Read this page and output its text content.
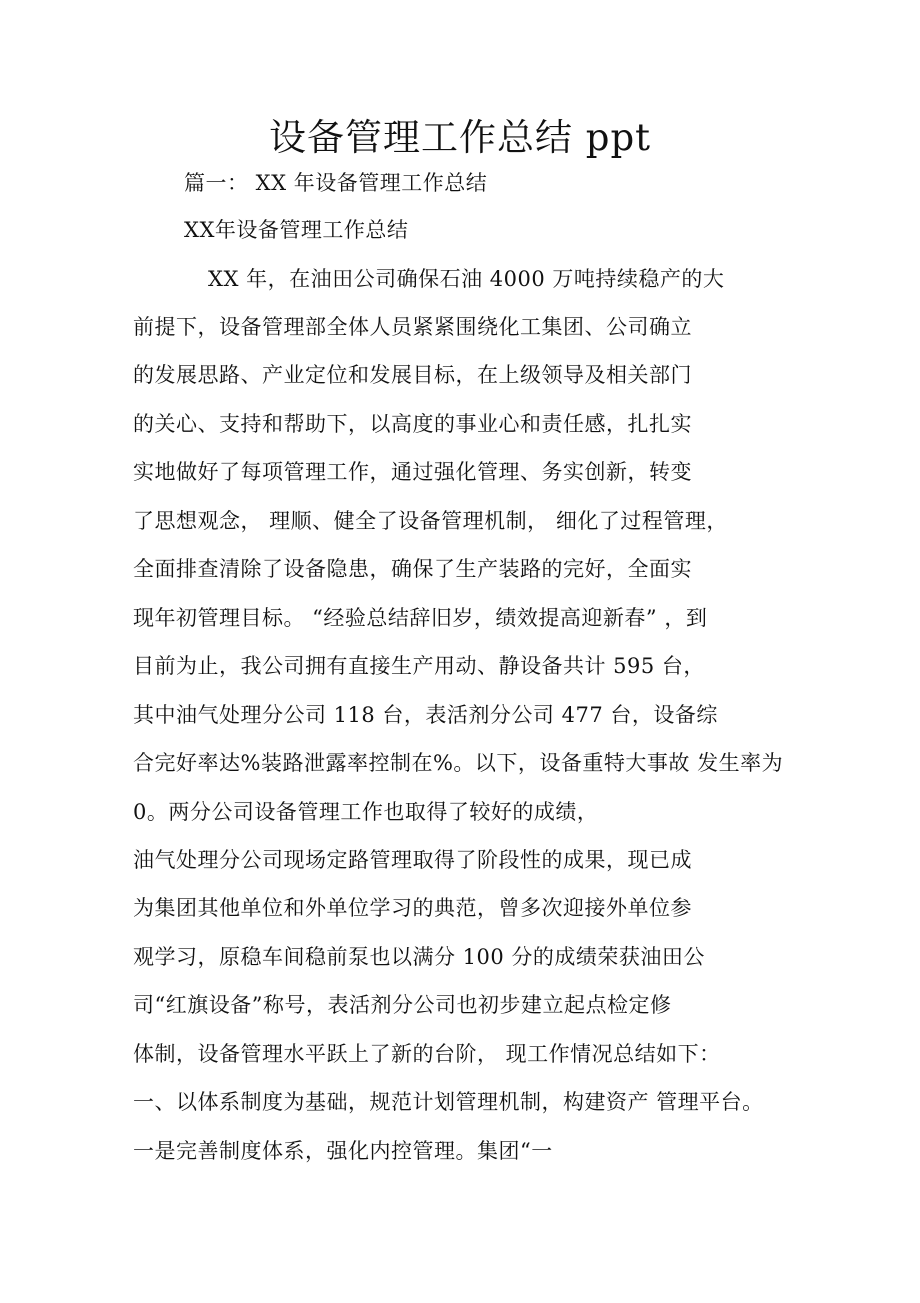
设备管理工作总结 ppt
篇一： XX 年设备管理工作总结
XX年设备管理工作总结
XX 年，在油田公司确保石油 4000 万吨持续稳产的大
前提下，设备管理部全体人员紧紧围绕化工集团、公司确立
的发展思路、产业定位和发展目标，在上级领导及相关部门
的关心、支持和帮助下，以高度的事业心和责任感，扎扎实
实地做好了每项管理工作，通过强化管理、务实创新，转变
了思想观念， 理顺、健全了设备管理机制， 细化了过程管理，
全面排查清除了设备隐患，确保了生产装路的完好，全面实
现年初管理目标。 “经验总结辞旧岁，绩效提高迎新春” ，到
目前为止，我公司拥有直接生产用动、静设备共计 595 台，
其中油气处理分公司 118 台，表活剂分公司 477 台，设备综
合完好率达%装路泄露率控制在%。以下，设备重特大事故 发生率为
0。两分公司设备管理工作也取得了较好的成绩，
油气处理分公司现场定路管理取得了阶段性的成果，现已成
为集团其他单位和外单位学习的典范，曾多次迎接外单位参
观学习，原稳车间稳前泵也以满分 100 分的成绩荣获油田公
司“红旗设备”称号，表活剂分公司也初步建立起点检定修
体制，设备管理水平跃上了新的台阶， 现工作情况总结如下：
一、以体系制度为基础，规范计划管理机制，构建资产 管理平台。
一是完善制度体系，强化内控管理。集团“一
